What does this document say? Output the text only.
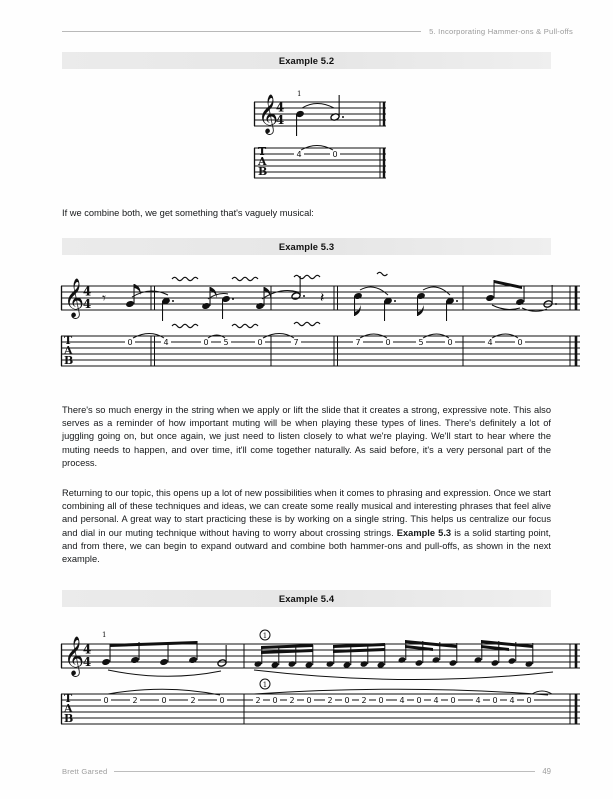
5. Incorporating Hammer-ons & Pull-offs
Example 5.2
𝄞
4
4
1
T
A
B
4	0
If we combine both, we get something that's vaguely musical:
Example 5.3
𝄞
4
4 𝄾	𝄽
T
A
B
0	4	0 5	0	7	7	0	5	0	4	0
There's so much energy in the string when we apply or lift the slide that it creates a strong, expressive note. This also serves as a reminder of how important muting will be when playing these types of lines. There's definitely a lot of juggling going on, but once again, we just need to listen closely to what we're playing. We'll start to hear where the muting needs to happen, and over time, it'll come together naturally. As said before, it's a very personal part of the process.
Returning to our topic, this opens up a lot of new possibilities when it comes to phrasing and expression. Once we start combining all of these techniques and ideas, we can create some really musical and interesting phrases that feel alive and personal. A great way to start practicing these is by working on a single string. This helps us centralize our focus and dial in our muting technique without having to worry about crossing strings. Example 5.3 is a solid starting point, and from there, we can begin to expand outward and combine both hammer-ons and pull-offs, as shown in the next example.
Example 5.4
𝄞
4
4
1	1
1
T
A
B
0	2	0	2	0	2 0 2 0 2 0 2 0 4 0 4 0 4 0 4 0
Brett Garsed	49
